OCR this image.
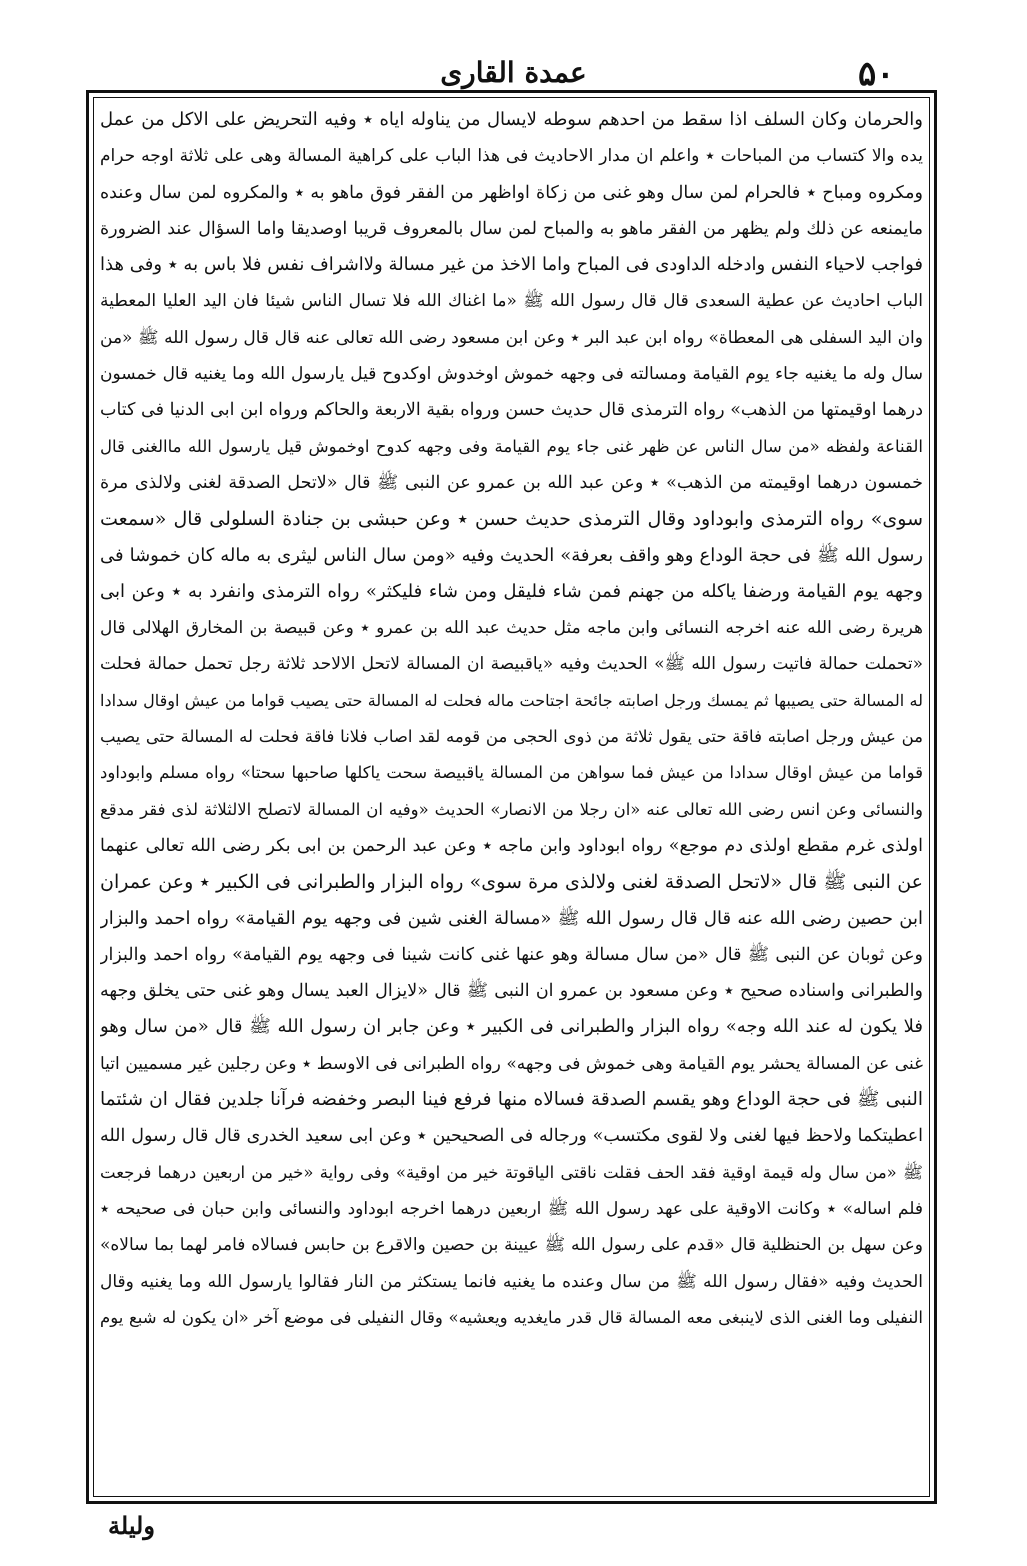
۵۰
عمدة القاری
والحرمان وكان السلف اذا سقط من احدهم سوطه لایسال من يناوله اياه ٭ وفيه التحريض على الاكل من عمل
يده والا كتساب من المباحات ٭ واعلم ان مدار الاحاديث فى هذا الباب على كراهية المسالة وهى على ثلاثة اوجه حرام
ومكروه ومباح ٭ فالحرام لمن سال وهو غنى من زكاة اواظهر من الفقر فوق ماهو به ٭ والمكروه لمن سال وعنده
مايمنعه عن ذلك ولم يظهر من الفقر ماهو به والمباح لمن سال بالمعروف قريبا اوصديقا واما السؤال عند الضرورة
فواجب لاحياء النفس وادخله الداودى فى المباح واما الاخذ من غير مسالة ولااشراف نفس فلا باس به ٭ وفى هذا
الباب احاديث عن عطية السعدى قال قال رسول الله ﷺ «ما اغناك الله فلا تسال الناس شيئا فان اليد العليا المعطية
وان اليد السفلى هى المعطاة» رواه ابن عبد البر ٭ وعن ابن مسعود رضى الله تعالى عنه قال قال رسول الله ﷺ «من
سال وله ما يغنيه جاء يوم القيامة ومسالته فى وجهه خموش اوخدوش اوكدوح قيل يارسول الله وما يغنيه قال خمسون
درهما اوقيمتها من الذهب» رواه الترمذى قال حديث حسن ورواه بقية الاربعة والحاكم ورواه ابن ابى الدنيا فى كتاب
القناعة ولفظه «من سال الناس عن ظهر غنى جاء يوم القيامة وفى وجهه كدوح اوخموش قيل يارسول الله ماالغنى قال
خمسون درهما اوقيمته من الذهب» ٭ وعن عبد الله بن عمرو عن النبى ﷺ قال «لاتحل الصدقة لغنى ولالذى مرة
سوى» رواه الترمذى وابوداود وقال الترمذى حديث حسن ٭ وعن حبشى بن جنادة السلولى قال «سمعت
رسول الله ﷺ فى حجة الوداع وهو واقف بعرفة» الحديث وفيه «ومن سال الناس ليثرى به ماله كان خموشا فى
وجهه يوم القيامة ورضفا ياكله من جهنم فمن شاء فليقل ومن شاء فليكثر» رواه الترمذى وانفرد به ٭ وعن ابى
هريرة رضى الله عنه اخرجه النسائى وابن ماجه مثل حديث عبد الله بن عمرو ٭ وعن قبيصة بن المخارق الهلالى قال
«تحملت حمالة فاتيت رسول الله ﷺ» الحديث وفيه «ياقبيصة ان المسالة لاتحل الالاحد ثلاثة رجل تحمل حمالة فحلت
له المسالة حتى يصيبها ثم يمسك ورجل اصابته جائحة اجتاحت ماله فحلت له المسالة حتى يصيب قواما من عيش اوقال سدادا
من عيش ورجل اصابته فاقة حتى يقول ثلاثة من ذوى الحجى من قومه لقد اصاب فلانا فاقة فحلت له المسالة حتى يصيب
قواما من عيش اوقال سدادا من عيش فما سواهن من المسالة ياقبيصة سحت ياكلها صاحبها سحتا» رواه مسلم وابوداود
والنسائى وعن انس رضى الله تعالى عنه «ان رجلا من الانصار» الحديث «وفيه ان المسالة لاتصلح الالثلاثة لذى فقر مدقع
اولذى غرم مقطع اولذى دم موجع» رواه ابوداود وابن ماجه ٭ وعن عبد الرحمن بن ابى بكر رضى الله تعالى عنهما
عن النبى ﷺ قال «لاتحل الصدقة لغنى ولالذى مرة سوى» رواه البزار والطبرانى فى الكبير ٭ وعن عمران
ابن حصين رضى الله عنه قال قال رسول الله ﷺ «مسالة الغنى شين فى وجهه يوم القيامة» رواه احمد والبزار
وعن ثوبان عن النبى ﷺ قال «من سال مسالة وهو عنها غنى كانت شينا فى وجهه يوم القيامة» رواه احمد والبزار
والطبرانى واسناده صحيح ٭ وعن مسعود بن عمرو ان النبى ﷺ قال «لايزال العبد يسال وهو غنى حتى يخلق وجهه
فلا يكون له عند الله وجه» رواه البزار والطبرانى فى الكبير ٭ وعن جابر ان رسول الله ﷺ قال «من سال وهو
غنى عن المسالة يحشر يوم القيامة وهى خموش فى وجهه» رواه الطبرانى فى الاوسط ٭ وعن رجلين غير مسميين اتيا
النبى ﷺ فى حجة الوداع وهو يقسم الصدقة فسالاه منها فرفع فينا البصر وخفضه فرآنا جلدين فقال ان شئتما
اعطيتكما ولاحظ فيها لغنى ولا لقوى مكتسب» ورجاله فى الصحيحين ٭ وعن ابى سعيد الخدرى قال قال رسول الله
ﷺ «من سال وله قيمة اوقية فقد الحف فقلت ناقتى الياقوتة خير من اوقية» وفى رواية «خير من اربعين درهما فرجعت
فلم اساله» ٭ وكانت الاوقية على عهد رسول الله ﷺ اربعين درهما اخرجه ابوداود والنسائى وابن حبان فى صحيحه ٭
وعن سهل بن الحنظلية قال «قدم على رسول الله ﷺ عيينة بن حصين والاقرع بن حابس فسالاه فامر لهما بما سالاه»
الحديث وفيه «فقال رسول الله ﷺ من سال وعنده ما يغنيه فانما يستكثر من النار فقالوا يارسول الله وما يغنيه وقال
النفيلى وما الغنى الذى لاينبغى معه المسالة قال قدر مايغديه ويعشيه» وقال النفيلى فى موضع آخر «ان يكون له شبع يوم
وليلة
